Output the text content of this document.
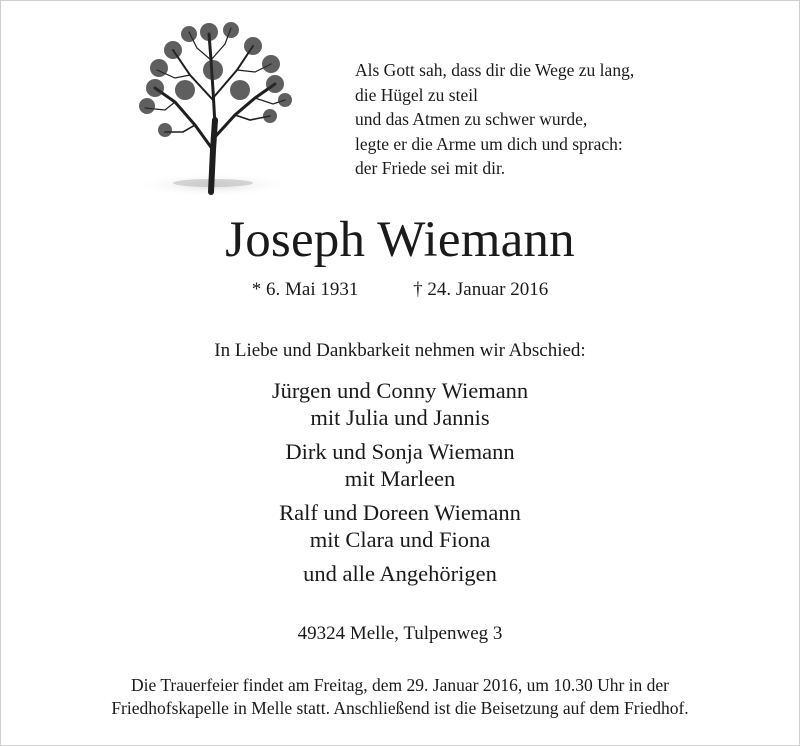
Als Gott sah, dass dir die Wege zu lang,
die Hügel zu steil
und das Atmen zu schwer wurde,
legte er die Arme um dich und sprach:
der Friede sei mit dir.
Joseph Wiemann
* 6. Mai 1931	† 24. Januar 2016
In Liebe und Dankbarkeit nehmen wir Abschied:
Jürgen und Conny Wiemann
mit Julia und Jannis
Dirk und Sonja Wiemann
mit Marleen
Ralf und Doreen Wiemann
mit Clara und Fiona
und alle Angehörigen
49324 Melle, Tulpenweg 3
Die Trauerfeier findet am Freitag, dem 29. Januar 2016, um 10.30 Uhr in der
Friedhofskapelle in Melle statt. Anschließend ist die Beisetzung auf dem Friedhof.
